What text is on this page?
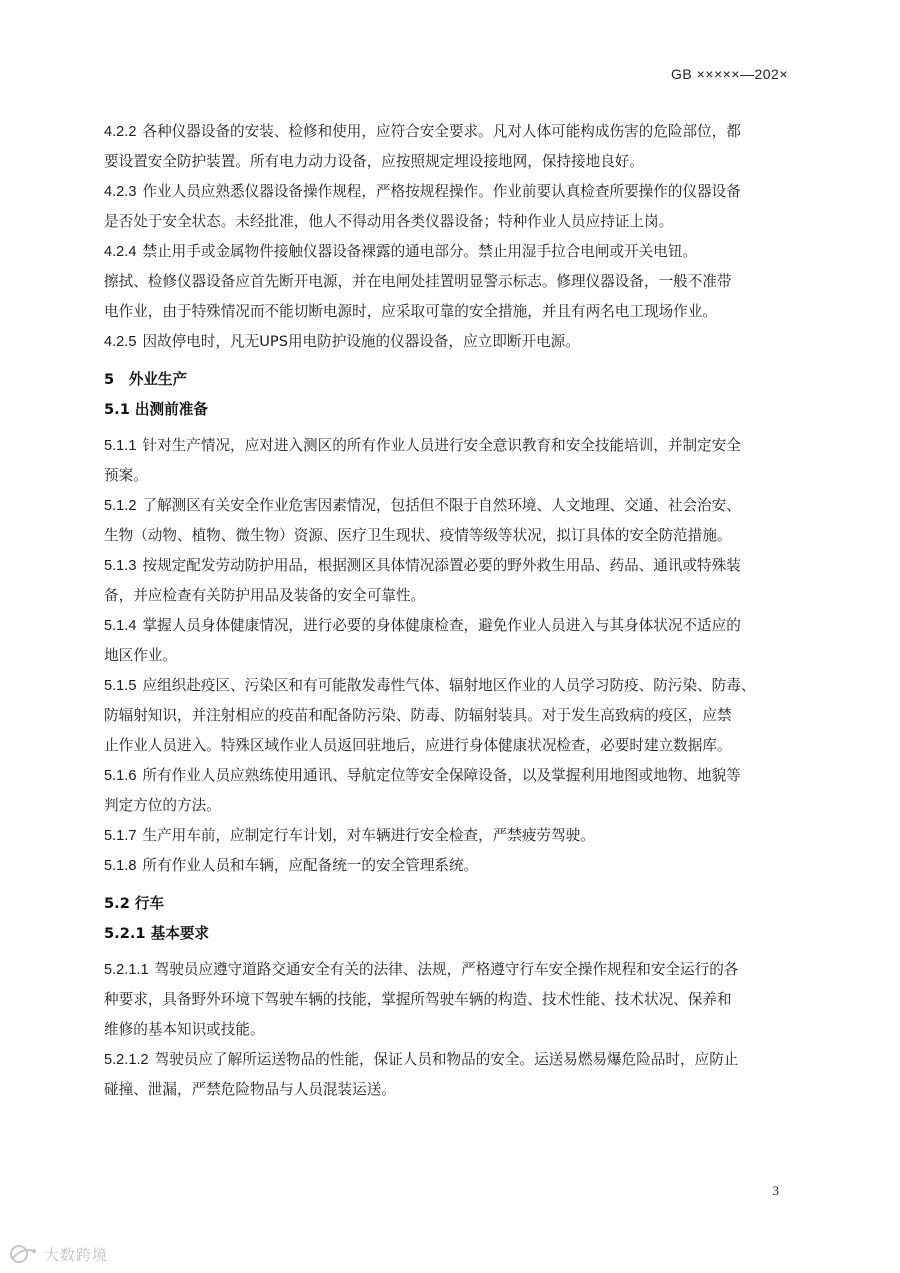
GB ×××××—202×

4.2.2 各种仪器设备的安装、检修和使用，应符合安全要求。凡对人体可能构成伤害的危险部位，都

要设置安全防护装置。所有电力动力设备，应按照规定埋设接地网，保持接地良好。

4.2.3 作业人员应熟悉仪器设备操作规程，严格按规程操作。作业前要认真检查所要操作的仪器设备

是否处于安全状态。未经批准，他人不得动用各类仪器设备；特种作业人员应持证上岗。

4.2.4 禁止用手或金属物件接触仪器设备裸露的通电部分。禁止用湿手拉合电闸或开关电钮。

擦拭、检修仪器设备应首先断开电源，并在电闸处挂置明显警示标志。修理仪器设备，一般不准带

电作业，由于特殊情况而不能切断电源时，应采取可靠的安全措施，并且有两名电工现场作业。

4.2.5 因故停电时，凡无UPS用电防护设施的仪器设备，应立即断开电源。

5　外业生产

5.1 出测前准备

5.1.1 针对生产情况，应对进入测区的所有作业人员进行安全意识教育和安全技能培训，并制定安全

预案。

5.1.2 了解测区有关安全作业危害因素情况，包括但不限于自然环境、人文地理、交通、社会治安、

生物（动物、植物、微生物）资源、医疗卫生现状、疫情等级等状况，拟订具体的安全防范措施。

5.1.3 按规定配发劳动防护用品，根据测区具体情况添置必要的野外救生用品、药品、通讯或特殊装

备，并应检查有关防护用品及装备的安全可靠性。

5.1.4 掌握人员身体健康情况，进行必要的身体健康检查，避免作业人员进入与其身体状况不适应的

地区作业。

5.1.5 应组织赴疫区、污染区和有可能散发毒性气体、辐射地区作业的人员学习防疫、防污染、防毒、

防辐射知识，并注射相应的疫苗和配备防污染、防毒、防辐射装具。对于发生高致病的疫区，应禁

止作业人员进入。特殊区域作业人员返回驻地后，应进行身体健康状况检查，必要时建立数据库。

5.1.6 所有作业人员应熟练使用通讯、导航定位等安全保障设备，以及掌握利用地图或地物、地貌等

判定方位的方法。

5.1.7 生产用车前，应制定行车计划，对车辆进行安全检查，严禁疲劳驾驶。

5.1.8 所有作业人员和车辆，应配备统一的安全管理系统。

5.2 行车

5.2.1 基本要求

5.2.1.1 驾驶员应遵守道路交通安全有关的法律、法规，严格遵守行车安全操作规程和安全运行的各

种要求，具备野外环境下驾驶车辆的技能，掌握所驾驶车辆的构造、技术性能、技术状况、保养和

维修的基本知识或技能。

5.2.1.2 驾驶员应了解所运送物品的性能，保证人员和物品的安全。运送易燃易爆危险品时，应防止

碰撞、泄漏，严禁危险物品与人员混装运送。

3
大数跨境
